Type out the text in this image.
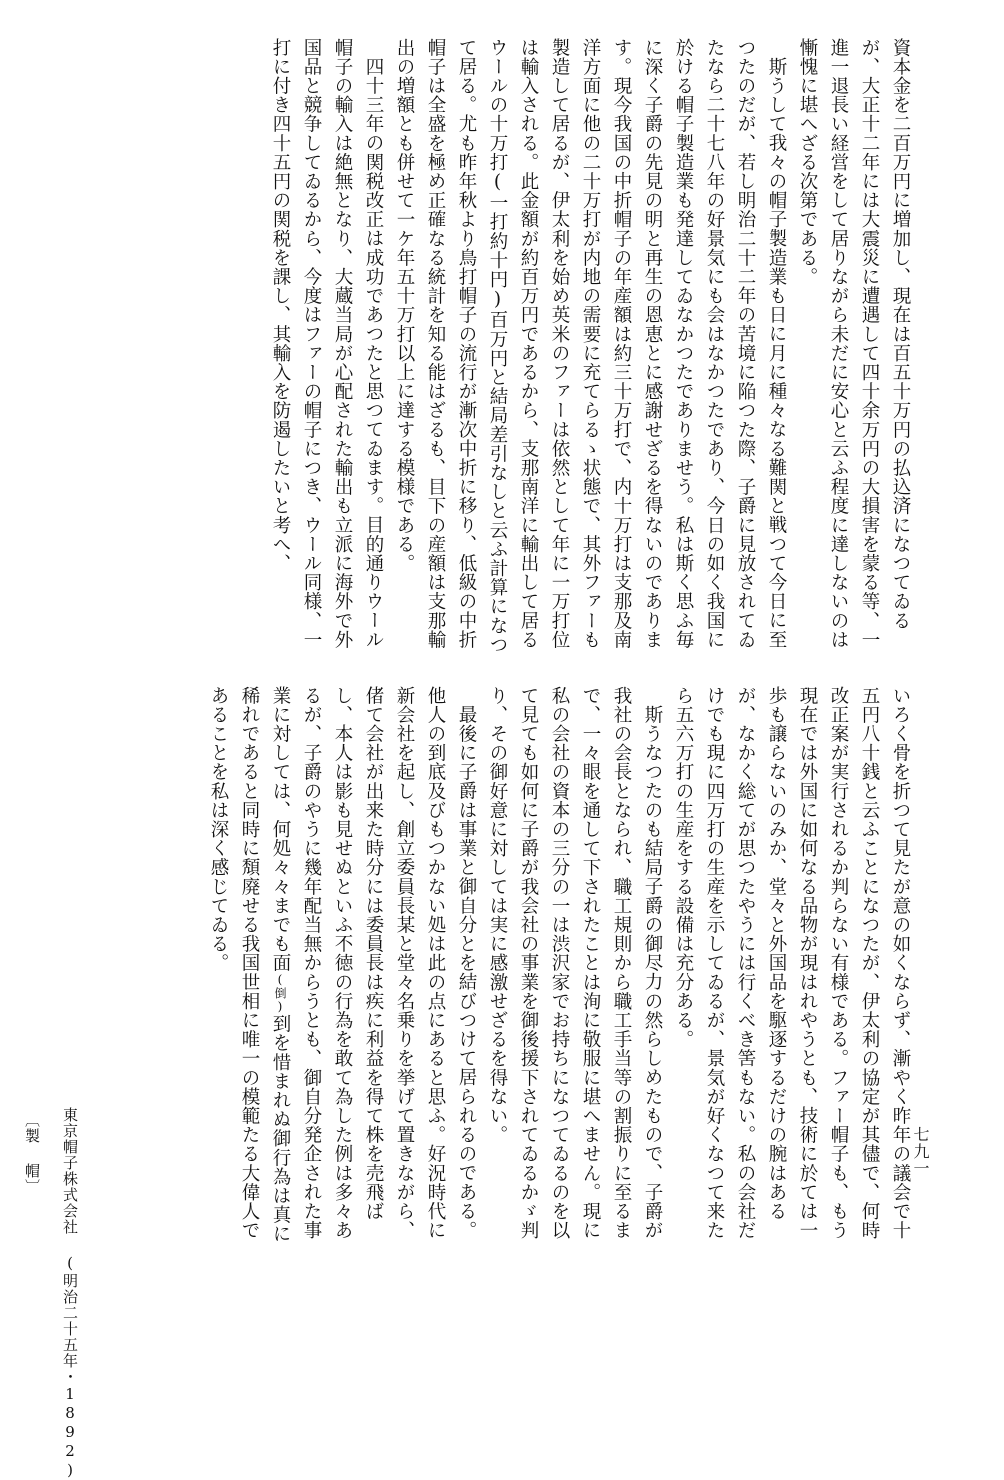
資本金を二百万円に増加し、現在は百五十万円の払込済になつてゐるが、大正十二年には大震災に遭遇して四十余万円の大損害を蒙る等、一進一退長い経営をして居りながら未だに安心と云ふ程度に達しないのは慚愧に堪へざる次第である。

斯うして我々の帽子製造業も日に月に種々なる難関と戦つて今日に至つたのだが、若し明治二十二年の苦境に陥つた際、子爵に見放されてゐたなら二十七八年の好景気にも会はなかつたであり、今日の如く我国に於ける帽子製造業も発達してゐなかつたでありませう。私は斯く思ふ毎に深く子爵の先見の明と再生の恩恵とに感謝せざるを得ないのであります。現今我国の中折帽子の年産額は約三十万打で、内十万打は支那及南洋方面に他の二十万打が内地の需要に充てらるゝ状態で、其外ファーも製造して居るが、伊太利を始め英米のファーは依然として年に一万打位は輸入される。此金額が約百万円であるから、支那南洋に輸出して居るウールの十万打(一打約十円)百万円と結局差引なしと云ふ計算になつて居る。尤も昨年秋より鳥打帽子の流行が漸次中折に移り、低級の中折帽子は全盛を極め正確なる統計を知る能はざるも、目下の産額は支那輸出の増額とも併せて一ケ年五十万打以上に達する模様である。

四十三年の関税改正は成功であつたと思つてゐます。目的通りウール帽子の輸入は絶無となり、大蔵当局が心配された輸出も立派に海外で外国品と競争してゐるから、今度はファーの帽子につき、ウール同様、一打に付き四十五円の関税を課し、其輸入を防遏したいと考へ、

いろく骨を折つて見たが意の如くならず、漸やく昨年の議会で十五円八十銭と云ふことになつたが、伊太利の協定が其儘で、何時改正案が実行されるか判らない有様である。ファー帽子も、もう現在では外国に如何なる品物が現はれやうとも、技術に於ては一歩も譲らないのみか、堂々と外国品を駆逐するだけの腕はあるが、なかく総てが思つたやうには行くべき筈もない。私の会社だけでも現に四万打の生産を示してゐるが、景気が好くなつて来たら五六万打の生産をする設備は充分ある。

斯うなつたのも結局子爵の御尽力の然らしめたもので、子爵が我社の会長となられ、職工規則から職工手当等の割振りに至るまで、一々眼を通して下されたことは洵に敬服に堪へません。現に私の会社の資本の三分の一は渋沢家でお持ちになつてゐるのを以て見ても如何に子爵が我会社の事業を御後援下されてゐるかゞ判り、その御好意に対しては実に感激せざるを得ない。

最後に子爵は事業と御自分とを結びつけて居られるのである。他人の到底及びもつかない処は此の点にあると思ふ。好況時代に新会社を起し、創立委員長某と堂々名乗りを挙げて置きながら、偖て会社が出来た時分には委員長は疾に利益を得て株を売飛ばし、本人は影も見せぬといふ不徳の行為を敢て為した例は多々あるが、子爵のやうに幾年配当無からうとも、御自分発企された事業に対しては、何処々々までも面(倒)到を惜まれぬ御行為は真に稀れであると同時に頽廃せる我国世相に唯一の模範たる大偉人であることを私は深く感じてゐる。

〔製 帽〕 東京帽子株式会社 (明治二十五年・1892)	七九一
